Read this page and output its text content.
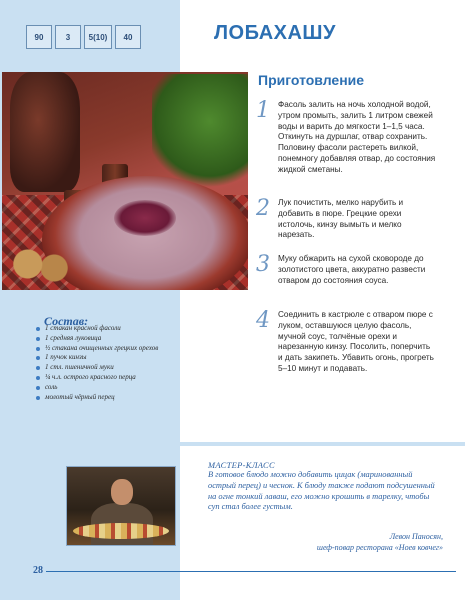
90	3 5(10) 40	ЛОБАХАШУ
Приготовление
1 Фасоль залить на ночь холодной водой, утром промыть, залить 1 литром свежей воды и варить до мягкости 1–1,5 часа. Откинуть на дуршлаг, отвар сохранить. Половину фасоли растереть вилкой, понемногу добавляя отвар, до состояния жидкой сметаны.
2 Лук почистить, мелко нарубить и добавить в пюре. Грецкие орехи истолочь, кинзу вымыть и мелко нарезать.
3 Муку обжарить на сухой сковороде до золотистого цвета, аккуратно развести отваром до состояния соуса.
4 Соединить в кастрюле с отваром пюре с луком, оставшуюся целую фасоль, мучной соус, толчёные орехи и нарезанную кинзу. Посолить, поперчить и дать закипеть. Убавить огонь, прогреть 5–10 минут и подавать.
Состав:
1 стакан красной фасоли
1 средняя луковица
½ стакана очищенных грецких орехов
1 пучок кинзы
1 стл. пшеничной муки
¼ ч.л. острого красного перца
соль
молотый чёрный перец
МАСТЕР-КЛАСС
В готовое блюдо можно добавить цицак (маринованный острый перец) и чеснок. К блюду также подают подсушенный на огне тонкий лаваш, его можно крошить в тарелку, чтобы суп стал более густым.
Левон Паносян,
шеф-повар ресторана «Ноев ковчег»
28
